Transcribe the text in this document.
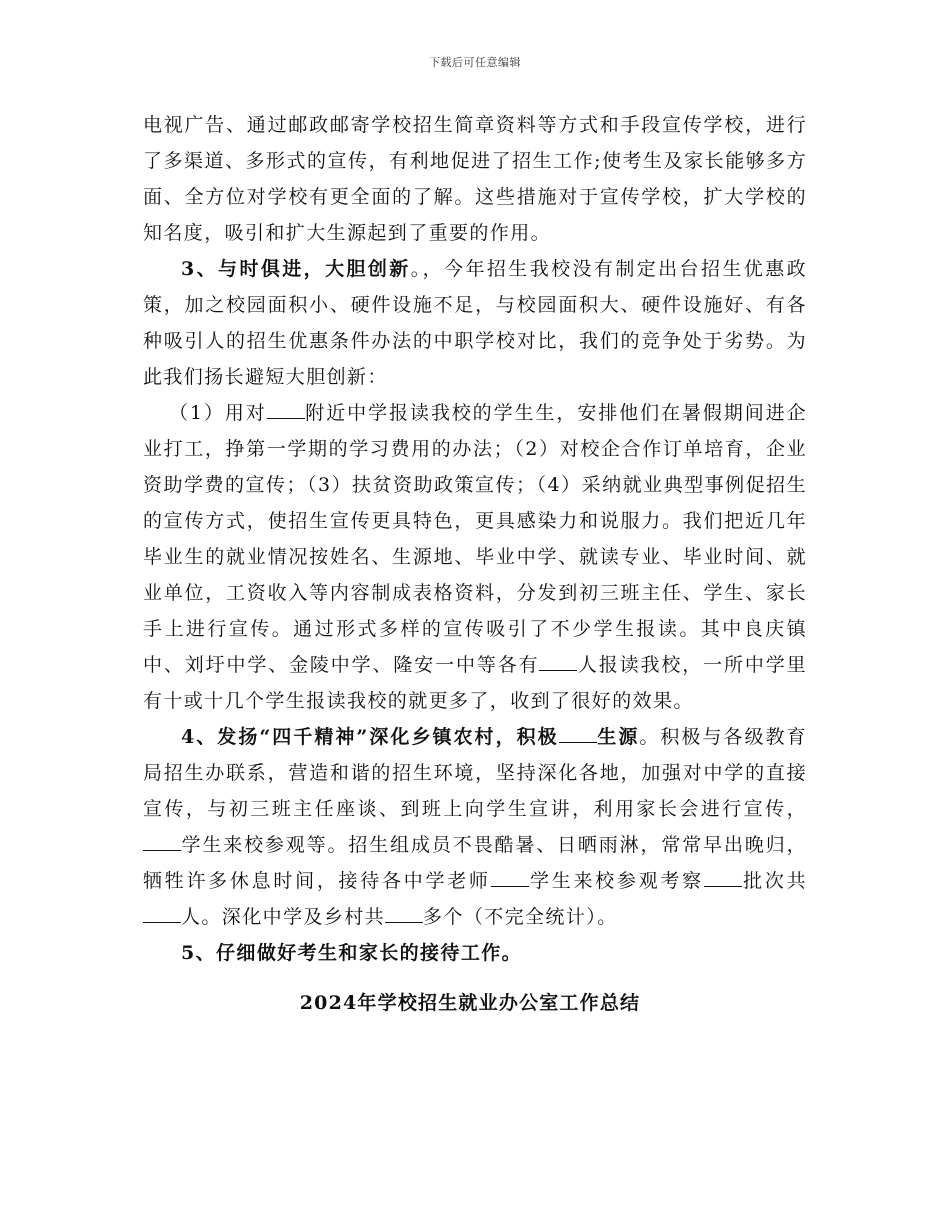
下载后可任意编辑

电视广告、通过邮政邮寄学校招生简章资料等方式和手段宣传学校，进行了多渠道、多形式的宣传，有利地促进了招生工作;使考生及家长能够多方面、全方位对学校有更全面的了解。这些措施对于宣传学校，扩大学校的知名度，吸引和扩大生源起到了重要的作用。

3、与时俱进，大胆创新。，今年招生我校没有制定出台招生优惠政策，加之校园面积小、硬件设施不足，与校园面积大、硬件设施好、有各种吸引人的招生优惠条件办法的中职学校对比，我们的竞争处于劣势。为此我们扬长避短大胆创新：

（1）用对 附近中学报读我校的学生生，安排他们在暑假期间进企业打工，挣第一学期的学习费用的办法；（2）对校企合作订单培育，企业资助学费的宣传；（3）扶贫资助政策宣传；（4）采纳就业典型事例促招生的宣传方式，使招生宣传更具特色，更具感染力和说服力。我们把近几年毕业生的就业情况按姓名、生源地、毕业中学、就读专业、毕业时间、就业单位，工资收入等内容制成表格资料，分发到初三班主任、学生、家长手上进行宣传。通过形式多样的宣传吸引了不少学生报读。其中良庆镇中、刘圩中学、金陵中学、隆安一中等各有 人报读我校，一所中学里有十或十几个学生报读我校的就更多了，收到了很好的效果。

4、发扬“四千精神”深化乡镇农村，积极 生源。积极与各级教育局招生办联系，营造和谐的招生环境，坚持深化各地，加强对中学的直接宣传，与初三班主任座谈、到班上向学生宣讲，利用家长会进行宣传，学生来校参观等。招生组成员不畏酷暑、日晒雨淋，常常早出晚归，牺牲许多休息时间，接待各中学老师 学生来校参观考察 批次共人。深化中学及乡村共 多个（不完全统计）。

5、仔细做好考生和家长的接待工作。

2024年学校招生就业办公室工作总结
